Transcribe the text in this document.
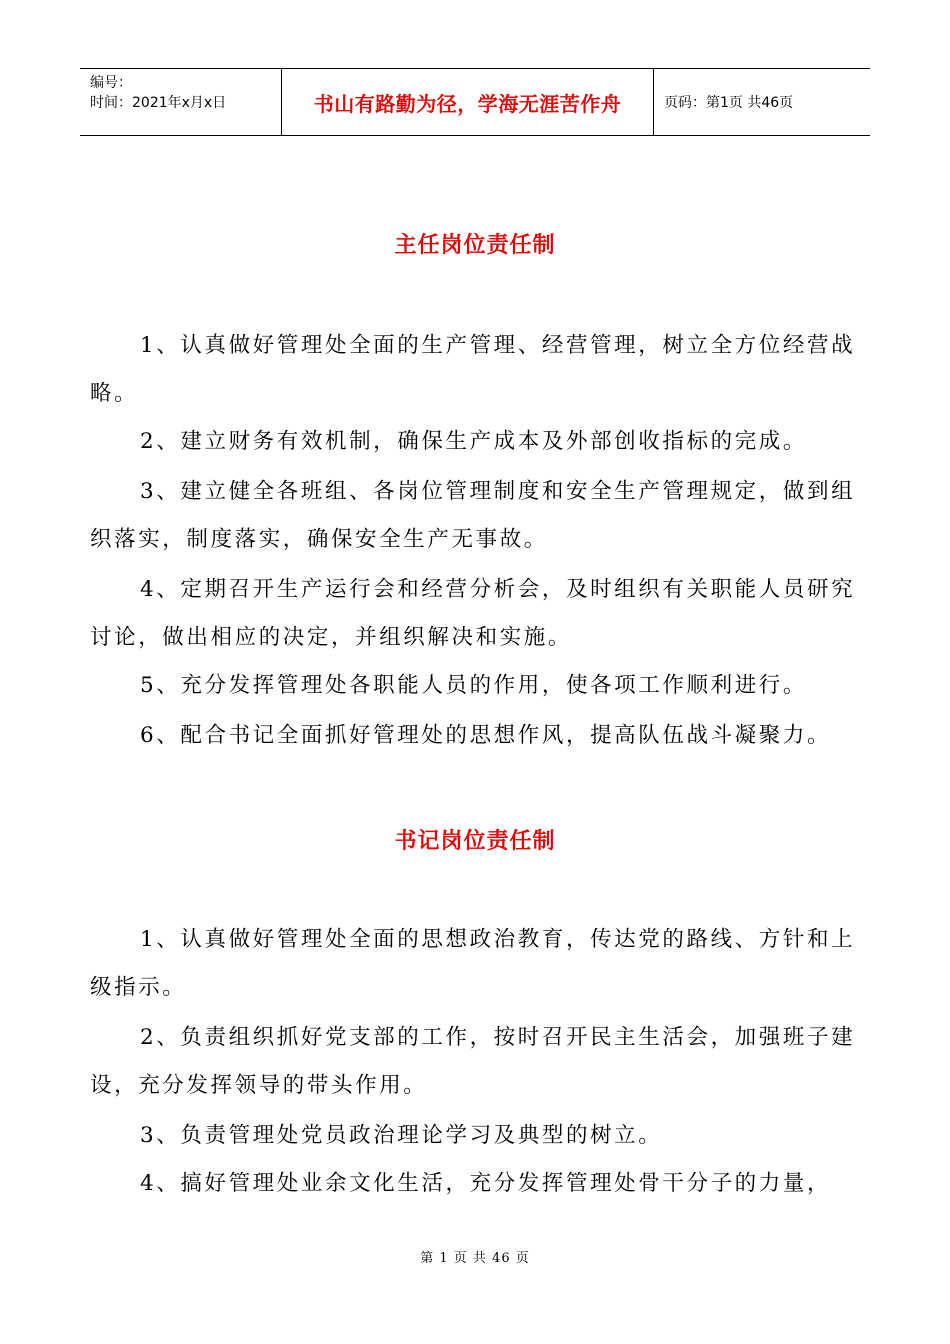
编号：
时间：2021年x月x日	书山有路勤为径，学海无涯苦作舟	页码：第1页 共46页
主任岗位责任制

1、认真做好管理处全面的生产管理、经营管理，树立全方位经营战略。

2、建立财务有效机制，确保生产成本及外部创收指标的完成。

3、建立健全各班组、各岗位管理制度和安全生产管理规定，做到组织落实，制度落实，确保安全生产无事故。

4、定期召开生产运行会和经营分析会，及时组织有关职能人员研究讨论，做出相应的决定，并组织解决和实施。

5、充分发挥管理处各职能人员的作用，使各项工作顺利进行。

6、配合书记全面抓好管理处的思想作风，提高队伍战斗凝聚力。

书记岗位责任制

1、认真做好管理处全面的思想政治教育，传达党的路线、方针和上级指示。

2、负责组织抓好党支部的工作，按时召开民主生活会，加强班子建设，充分发挥领导的带头作用。

3、负责管理处党员政治理论学习及典型的树立。

4、搞好管理处业余文化生活，充分发挥管理处骨干分子的力量，

第 1 页 共 46 页
